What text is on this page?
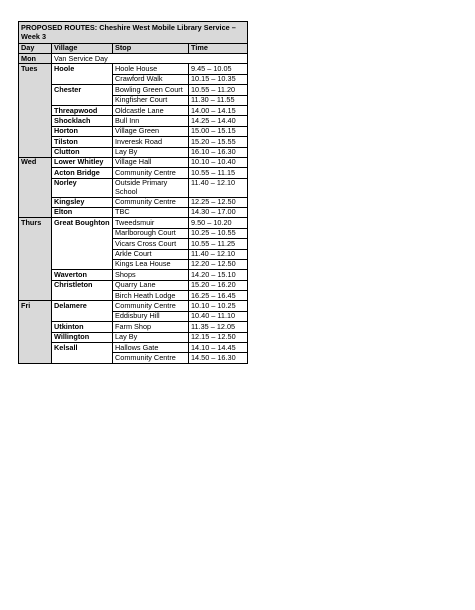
PROPOSED ROUTES: Cheshire West Mobile Library Service – Week 3			
Day	Village	Stop	Time
Mon	Van Service Day		
Tues	Hoole	Hoole House	9.45 – 10.05
		Crawford Walk	10.15 – 10.35
	Chester	Bowling Green Court	10.55 – 11.20
		Kingfisher Court	11.30 – 11.55
	Threapwood	Oldcastle Lane	14.00 – 14.15
	Shocklach	Bull Inn	14.25 – 14.40
	Horton	Village Green	15.00 – 15.15
	Tilston	Inveresk Road	15.20 – 15.55
	Clutton	Lay By	16.10 – 16.30
Wed	Lower Whitley	Village Hall	10.10 – 10.40
	Acton Bridge	Community Centre	10.55 – 11.15
	Norley	Outside Primary School	11.40 – 12.10
	Kingsley	Community Centre	12.25 – 12.50
	Elton	TBC	14.30 – 17.00
Thurs	Great Boughton	Tweedsmuir	9.50 – 10.20
		Marlborough Court	10.25 – 10.55
		Vicars Cross Court	10.55 – 11.25
		Arkle Court	11.40 – 12.10
		Kings Lea House	12.20 – 12.50
	Waverton	Shops	14.20 – 15.10
	Christleton	Quarry Lane	15.20 – 16.20
		Birch Heath Lodge	16.25 – 16.45
Fri	Delamere	Community Centre	10.10 – 10.25
		Eddisbury Hill	10.40 – 11.10
	Utkinton	Farm Shop	11.35 – 12.05
	Willington	Lay By	12.15 – 12.50
	Kelsall	Hallows Gate	14.10 – 14.45
		Community Centre	14.50 – 16.30
